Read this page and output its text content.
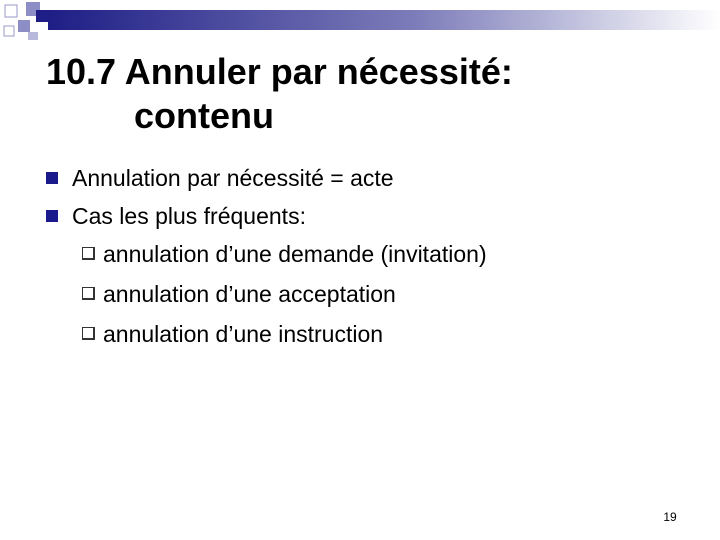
10.7 Annuler par nécessité:
contenu
Annulation par nécessité = acte
Cas les plus fréquents:
annulation d’une demande (invitation)
annulation d’une acceptation
annulation d’une instruction
19
